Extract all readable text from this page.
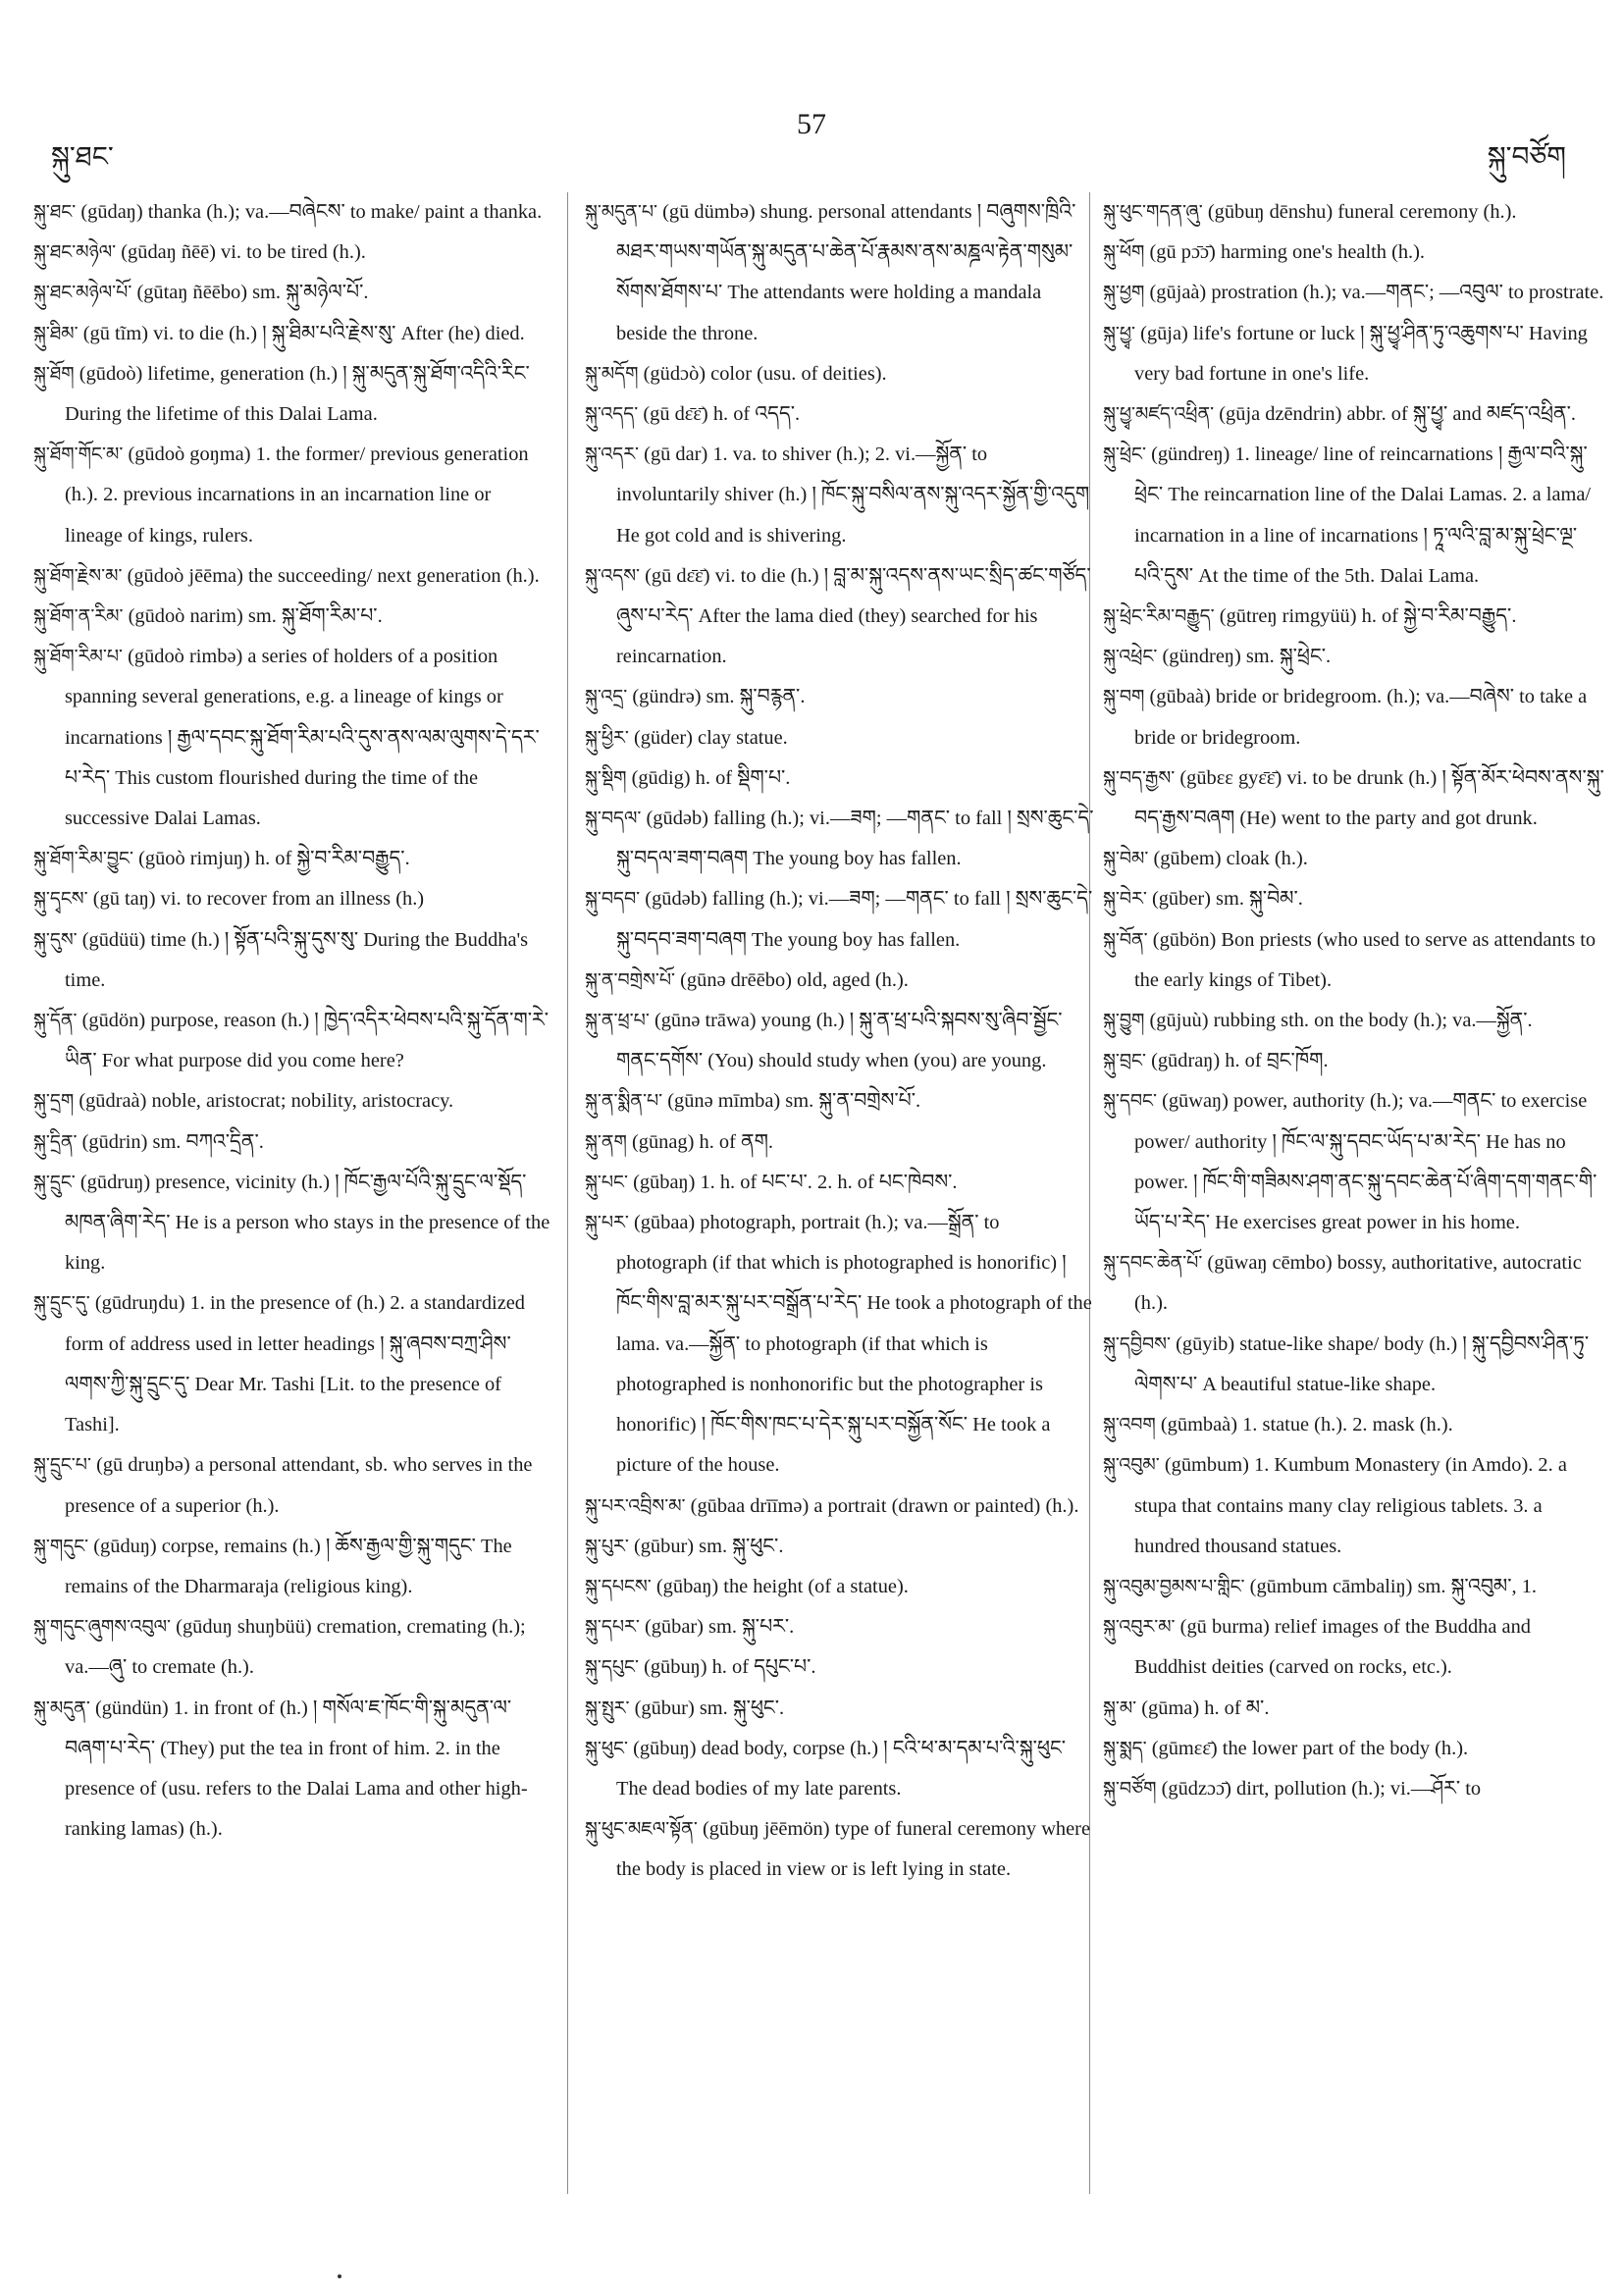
སྐུ་ཐང་
57
སྐུ་བཙོག

སྐུ་ཐང་ (gūdaŋ) thanka (h.); va.—བཞེངས་ to make/ paint a thanka.

སྐུ་ཐང་མཉེལ་ (gūdaŋ ñēē) vi. to be tired (h.).

སྐུ་ཐང་མཉེལ་པོ་ (gūtaŋ ñēēbo) sm. སྐུ་མཉེལ་པོ་.

སྐུ་ཐིམ་ (gū tĩm) vi. to die (h.) ། སྐུ་ཐིམ་པའི་རྗེས་སུ་ After (he) died.

སྐུ་ཐོག (gūdoò) lifetime, generation (h.) ། སྐུ་མདུན་སྐུ་ཐོག་འདིའི་རིང་ During the lifetime of this Dalai Lama.

སྐུ་ཐོག་གོང་མ་ (gūdoò goŋma) 1. the former/ previous generation (h.). 2. previous incarnations in an incarnation line or lineage of kings, rulers.

སྐུ་ཐོག་རྗེས་མ་ (gūdoò jēēma) the succeeding/ next generation (h.).

སྐུ་ཐོག་ན་རིམ་ (gūdoò narim) sm. སྐུ་ཐོག་རིམ་པ་.

སྐུ་ཐོག་རིམ་པ་ (gūdoò rimbə) a series of holders of a position spanning several generations, e.g. a lineage of kings or incarnations ། རྒྱལ་དབང་སྐུ་ཐོག་རིམ་པའི་དུས་ནས་ལམ་ལུགས་དེ་དར་པ་རེད་ This custom flourished during the time of the successive Dalai Lamas.

སྐུ་ཐོག་རིམ་བྱུང་ (gūoò rimjuŋ) h. of སྐྱེ་བ་རིམ་བརྒྱུད་.

སྐུ་དྭངས་ (gū taŋ) vi. to recover from an illness (h.)

སྐུ་དུས་ (gūdüü) time (h.) ། སྟོན་པའི་སྐུ་དུས་སུ་ During the Buddha's time.

སྐུ་དོན་ (gūdön) purpose, reason (h.) ། ཁྱེད་འདིར་ཕེབས་པའི་སྐུ་དོན་ག་རེ་ཡིན་ For what purpose did you come here?

སྐུ་དྲག (gūdraà) noble, aristocrat; nobility, aristocracy.

སྐུ་དྲིན་ (gūdrin) sm. བཀའ་དྲིན་.

སྐུ་དྲུང་ (gūdruŋ) presence, vicinity (h.) ། ཁོང་རྒྱལ་པོའི་སྐུ་དྲུང་ལ་སྡོད་མཁན་ཞིག་རེད་ He is a person who stays in the presence of the king.

སྐུ་དྲུང་དུ་ (gūdruŋdu) 1. in the presence of (h.) 2. a standardized form of address used in letter headings ། སྐུ་ཞབས་བཀྲ་ཤིས་ལགས་ཀྱི་སྐུ་དྲུང་དུ་ Dear Mr. Tashi [Lit. to the presence of Tashi].

སྐུ་དྲུང་པ་ (gū druŋbə) a personal attendant, sb. who serves in the presence of a superior (h.).

སྐུ་གདུང་ (gūduŋ) corpse, remains (h.) ། ཆོས་རྒྱལ་གྱི་སྐུ་གདུང་ The remains of the Dharmaraja (religious king).

སྐུ་གདུང་ཞུགས་འབུལ་ (gūduŋ shuŋbüü) cremation, cremating (h.); va.—ཞུ་ to cremate (h.).

སྐུ་མདུན་ (gündün) 1. in front of (h.) ། གསོལ་ཇ་ཁོང་གི་སྐུ་མདུན་ལ་བཞག་པ་རེད་ (They) put the tea in front of him. 2. in the presence of (usu. refers to the Dalai Lama and other high-ranking lamas) (h.).

སྐུ་མདུན་པ་ (gū dümbə) shung. personal attendants ། བཞུགས་ཁྲིའི་མཐར་གཡས་གཡོན་སྐུ་མདུན་པ་ཆེན་པོ་རྣམས་ནས་མཎྜལ་རྟེན་གསུམ་སོགས་ཐོགས་པ་ The attendants were holding a mandala beside the throne.

སྐུ་མདོག (güdɔò) color (usu. of deities).

སྐུ་འདད་ (gū dɛ̄ɛ̄) h. of འདད་.

སྐུ་འདར་ (gū dar) 1. va. to shiver (h.); 2. vi.—སྐྱོན་ to involuntarily shiver (h.) ། ཁོང་སྐུ་བསིལ་ནས་སྐུ་འདར་སྐྱོན་གྱི་འདུག He got cold and is shivering.

སྐུ་འདས་ (gū dɛ̄ɛ̄) vi. to die (h.) ། བླ་མ་སྐུ་འདས་ནས་ཡང་སྲིད་ཚང་གཙོད་ཞུས་པ་རེད་ After the lama died (they) searched for his reincarnation.

སྐུ་འདྲ་ (gündrə) sm. སྐུ་བརྙན་.

སྐུ་ཕྱིར་ (güder) clay statue.

སྐུ་སྡིག (gūdig) h. of སྡིག་པ་.

སྐུ་བདལ་ (gūdəb) falling (h.); vi.—ཟག; —གནང་ to fall ། སྲས་ཆུང་དེ་སྐུ་བདལ་ཟག་བཞག The young boy has fallen.

སྐུ་བདབ་ (gūdəb) falling (h.); vi.—ཟག; —གནང་ to fall ། སྲས་ཆུང་དེ་སྐུ་བདབ་ཟག་བཞག The young boy has fallen.

སྐུ་ན་བགྲེས་པོ་ (gūnə drēēbo) old, aged (h.).

སྐུ་ན་ཕྲ་པ་ (gūnə trāwa) young (h.) ། སྐུ་ན་ཕྲ་པའི་སྐབས་སུ་ཞིབ་སྦྱོང་གནང་དགོས་ (You) should study when (you) are young.

སྐུ་ན་སྨིན་པ་ (gūnə mīmba) sm. སྐུ་ན་བགྲེས་པོ་.

སྐུ་ནག (gūnag) h. of ནག.

སྐུ་པང་ (gūbaŋ) 1. h. of པང་པ་. 2. h. of པང་ཁེབས་.

སྐུ་པར་ (gūbaa) photograph, portrait (h.); va.—སྒྲོན་ to photograph (if that which is photographed is honorific) ། ཁོང་གིས་བླ་མར་སྐུ་པར་བསྒྲོན་པ་རེད་ He took a photograph of the lama. va.—སྐྱོན་ to photograph (if that which is photographed is nonhonorific but the photographer is honorific) ། ཁོང་གིས་ཁང་པ་དེར་སྐུ་པར་བསྐྱོན་སོང་ He took a picture of the house.

སྐུ་པར་འབྲིས་མ་ (gūbaa drīīmə) a portrait (drawn or painted) (h.).

སྐུ་པུར་ (gūbur) sm. སྐུ་ཕུང་.

སྐུ་དཔངས་ (gūbaŋ) the height (of a statue).

སྐུ་དཔར་ (gūbar) sm. སྐུ་པར་.

སྐུ་དཔུང་ (gūbuŋ) h. of དཔུང་པ་.

སྐུ་སྤུར་ (gūbur) sm. སྐུ་ཕུང་.

སྐུ་ཕུང་ (gūbuŋ) dead body, corpse (h.) ། ངའི་ཕ་མ་དམ་པ་འི་སྐུ་ཕུང་ The dead bodies of my late parents.

སྐུ་ཕུང་མཇལ་སྟོན་ (gūbuŋ jēēmön) type of funeral ceremony where the body is placed in view or is left lying in state.

སྐུ་ཕུང་གདན་ཞུ་ (gūbuŋ dēnshu) funeral ceremony (h.).

སྐུ་ཕོག (gū pɔ̄ɔ̄) harming one's health (h.).

སྐུ་ཕྱག (gūjaà) prostration (h.); va.—གནང་; —འབུལ་ to prostrate.

སྐུ་ཕྱྭ་ (gūja) life's fortune or luck ། སྐུ་ཕྱྭ་ཤིན་ཏུ་འཆུགས་པ་ Having very bad fortune in one's life.

སྐུ་ཕྱྭ་མཛད་འཕྲིན་ (gūja dzēndrin) abbr. of སྐུ་ཕྱྭ་ and མཛད་འཕྲིན་.

སྐུ་ཕྲེང་ (gündreŋ) 1. lineage/ line of reincarnations ། རྒྱལ་བའི་སྐུ་ཕྲེང་ The reincarnation line of the Dalai Lamas. 2. a lama/ incarnation in a line of incarnations ། ཏཱ་ལའི་བླ་མ་སྐུ་ཕྲེང་ལྔ་པའི་དུས་ At the time of the 5th. Dalai Lama.

སྐུ་ཕྲེང་རིམ་བརྒྱུད་ (gūtreŋ rimgyüü) h. of སྐྱེ་བ་རིམ་བརྒྱུད་.

སྐུ་འཕྲེང་ (gündreŋ) sm. སྐུ་ཕྲེང་.

སྐུ་བག (gūbaà) bride or bridegroom. (h.); va.—བཞེས་ to take a bride or bridegroom.

སྐུ་བད་རྒྱས་ (gūbɛɛ gyɛ̄ɛ̄) vi. to be drunk (h.) ། སྟོན་མོར་ཕེབས་ནས་སྐུ་བད་རྒྱས་བཞག (He) went to the party and got drunk.

སྐུ་བེམ་ (gūbem) cloak (h.).

སྐུ་བེར་ (gūber) sm. སྐུ་བེམ་.

སྐུ་བོན་ (gūbön) Bon priests (who used to serve as attendants to the early kings of Tibet).

སྐུ་བྱུག (gūjuù) rubbing sth. on the body (h.); va.—སྐྱོན་.

སྐུ་བྲང་ (gūdraŋ) h. of བྲང་ཁོག.

སྐུ་དབང་ (gūwaŋ) power, authority (h.); va.—གནང་ to exercise power/ authority ། ཁོང་ལ་སྐུ་དབང་ཡོད་པ་མ་རེད་ He has no power. ། ཁོང་གི་གཟིམས་ཤག་ནང་སྐུ་དབང་ཆེན་པོ་ཞིག་དག་གནང་གི་ཡོད་པ་རེད་ He exercises great power in his home.

སྐུ་དབང་ཆེན་པོ་ (gūwaŋ cēmbo) bossy, authoritative, autocratic (h.).

སྐུ་དབྱིབས་ (gūyib) statue-like shape/ body (h.) ། སྐུ་དབྱིབས་ཤིན་ཏུ་ལེགས་པ་ A beautiful statue-like shape.

སྐུ་འབག (gūmbaà) 1. statue (h.). 2. mask (h.).

སྐུ་འབུམ་ (gūmbum) 1. Kumbum Monastery (in Amdo). 2. a stupa that contains many clay religious tablets. 3. a hundred thousand statues.

སྐུ་འབུམ་བྱམས་པ་གླིང་ (gūmbum cāmbaliŋ) sm. སྐུ་འབུམ་, 1.

སྐུ་འབུར་མ་ (gū burma) relief images of the Buddha and Buddhist deities (carved on rocks, etc.).

སྐུ་མ་ (gūma) h. of མ་.

སྐུ་སྨད་ (gūmɛɛ̄) the lower part of the body (h.).

སྐུ་བཙོག (gūdzɔɔ̄) dirt, pollution (h.); vi.—ཤོར་ to
